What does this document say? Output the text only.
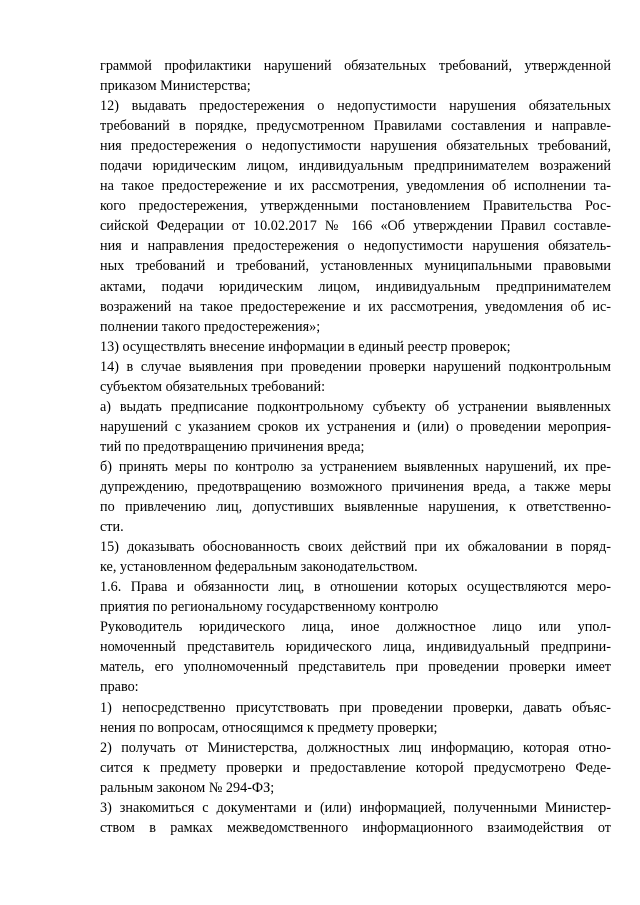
граммой профилактики нарушений обязательных требований, утвержденной
приказом Министерства;
12) выдавать предостережения о недопустимости нарушения обязательных
требований в порядке, предусмотренном Правилами составления и направле-
ния предостережения о недопустимости нарушения обязательных требований,
подачи юридическим лицом, индивидуальным предпринимателем возражений
на такое предостережение и их рассмотрения, уведомления об исполнении та-
кого предостережения, утвержденными постановлением Правительства Рос-
сийской Федерации от 10.02.2017 № 166 «Об утверждении Правил составле-
ния и направления предостережения о недопустимости нарушения обязатель-
ных требований и требований, установленных муниципальными правовыми
актами, подачи юридическим лицом, индивидуальным предпринимателем
возражений на такое предостережение и их рассмотрения, уведомления об ис-
полнении такого предостережения»;
13) осуществлять внесение информации в единый реестр проверок;
14) в случае выявления при проведении проверки нарушений подконтрольным
субъектом обязательных требований:
а) выдать предписание подконтрольному субъекту об устранении выявленных
нарушений с указанием сроков их устранения и (или) о проведении мероприя-
тий по предотвращению причинения вреда;
б) принять меры по контролю за устранением выявленных нарушений, их пре-
дупреждению, предотвращению возможного причинения вреда, а также меры
по привлечению лиц, допустивших выявленные нарушения, к ответственно-
сти.
15) доказывать обоснованность своих действий при их обжаловании в поряд-
ке, установленном федеральным законодательством.
1.6. Права и обязанности лиц, в отношении которых осуществляются меро-
приятия по региональному государственному контролю
Руководитель юридического лица, иное должностное лицо или упол-
номоченный представитель юридического лица, индивидуальный предприни-
матель, его уполномоченный представитель при проведении проверки имеет
право:
1) непосредственно присутствовать при проведении проверки, давать объяс-
нения по вопросам, относящимся к предмету проверки;
2) получать от Министерства, должностных лиц информацию, которая отно-
сится к предмету проверки и предоставление которой предусмотрено Феде-
ральным законом № 294-ФЗ;
3) знакомиться с документами и (или) информацией, полученными Министер-
ством в рамках межведомственного информационного взаимодействия от
